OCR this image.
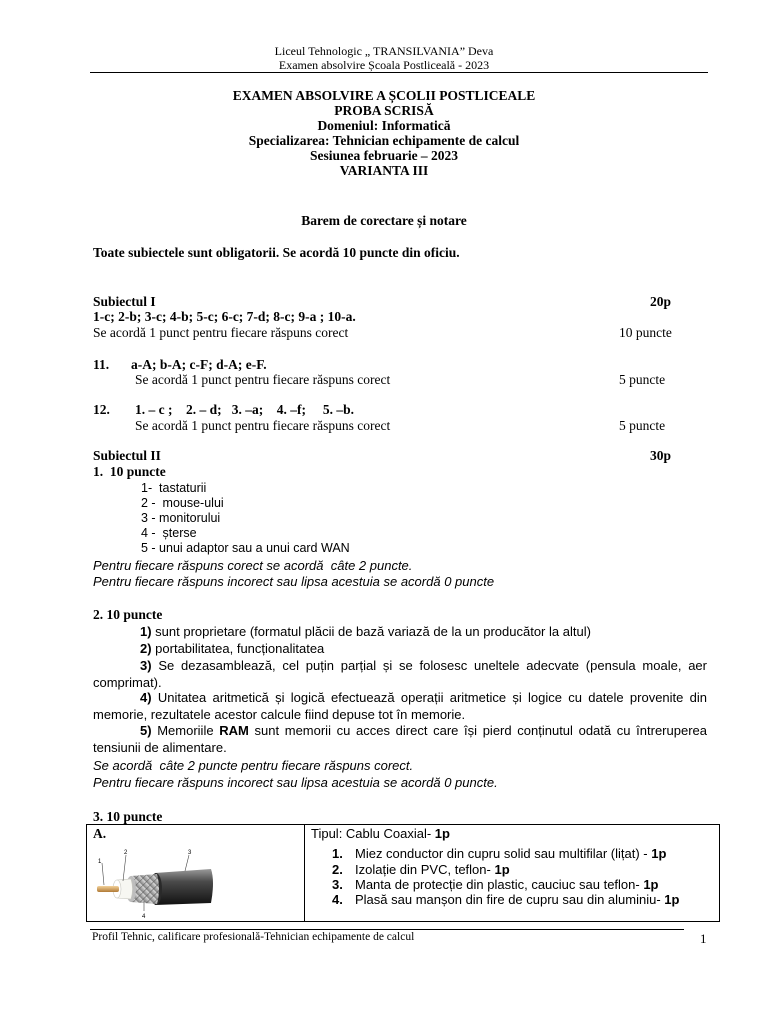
Liceul Tehnologic „ TRANSILVANIA” Deva
Examen absolvire Școala Postliceală - 2023
EXAMEN ABSOLVIRE A ȘCOLII POSTLICEALE
PROBA SCRISĂ
Domeniul: Informatică
Specializarea: Tehnician echipamente de calcul
Sesiunea februarie – 2023
VARIANTA III
Barem de corectare și notare
Toate subiectele sunt obligatorii. Se acordă 10 puncte din oficiu.
Subiectul I	20p
1-c; 2-b; 3-c; 4-b; 5-c; 6-c; 7-d; 8-c; 9-a ; 10-a.
Se acordă 1 punct pentru fiecare răspuns corect	10 puncte
11. a-A; b-A; c-F; d-A; e-F.
Se acordă 1 punct pentru fiecare răspuns corect	5 puncte
12. 1. – c ;    2. – d;   3. –a;    4. –f;     5. –b.
Se acordă 1 punct pentru fiecare răspuns corect	5 puncte
Subiectul II	30p
1.  10 puncte
1-  tastaturii
2 -  mouse-ului
3 - monitorului
4 -  șterse
5 - unui adaptor sau a unui card WAN
Pentru fiecare răspuns corect se acordă  câte 2 puncte.
Pentru fiecare răspuns incorect sau lipsa acestuia se acordă 0 puncte
2. 10 puncte
1) sunt proprietare (formatul plăcii de bază variază de la un producător la altul)
2) portabilitatea, funcționalitatea
3) Se dezasamblează, cel puțin parțial și se folosesc uneltele adecvate (pensula moale, aer comprimat).
4) Unitatea aritmetică și logică efectuează operații aritmetice și logice cu datele provenite din memorie, rezultatele acestor calcule fiind depuse tot în memorie.
5) Memoriile RAM sunt memorii cu acces direct care își pierd conținutul odată cu întreruperea tensiunii de alimentare.
Se acordă  câte 2 puncte pentru fiecare răspuns corect.
Pentru fiecare răspuns incorect sau lipsa acestuia se acordă 0 puncte.
3. 10 puncte
A.
1
2	3
4
Tipul: Cablu Coaxial- 1p
1. Miez conductor din cupru solid sau multifilar (lițat) - 1p
2. Izolație din PVC, teflon- 1p
3. Manta de protecție din plastic, cauciuc sau teflon- 1p
4. Plasă sau manșon din fire de cupru sau din aluminiu- 1p
Profil Tehnic, calificare profesională-Tehnician echipamente de calcul	1
